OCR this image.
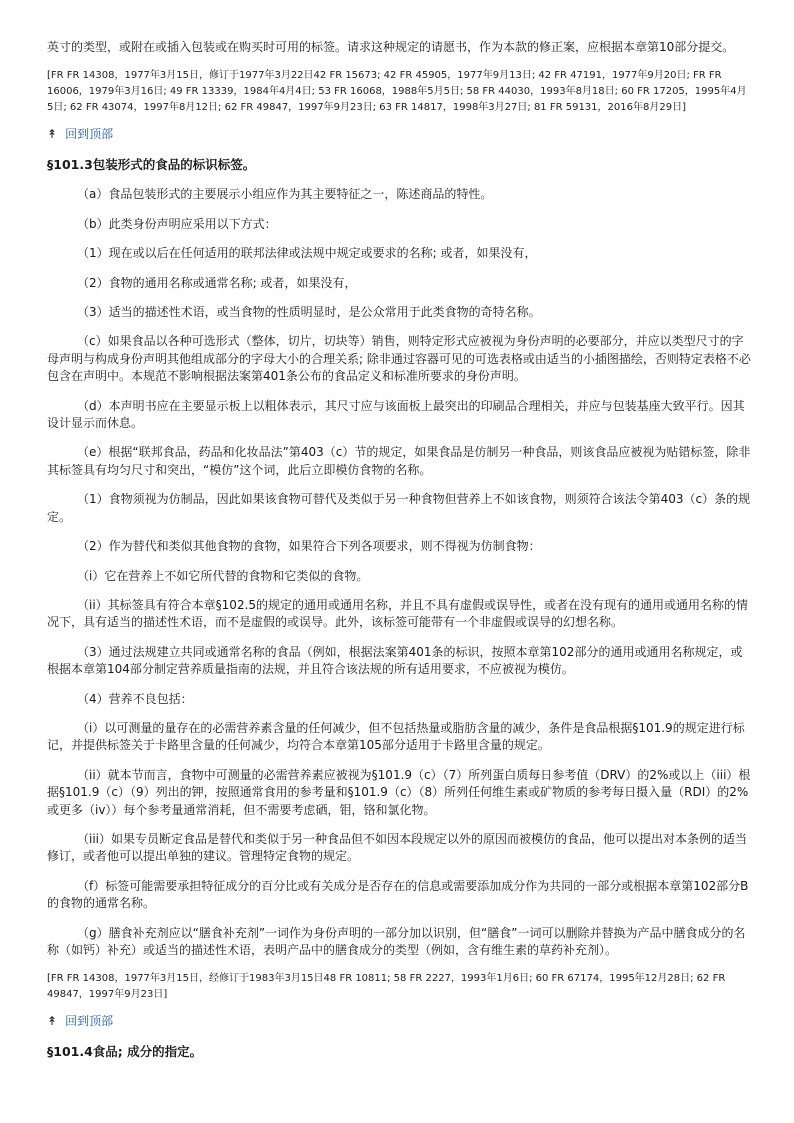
英寸的类型，或附在或插入包装或在购买时可用的标签。请求这种规定的请愿书，作为本款的修正案，应根据本章第10部分提交。

[FR FR 14308，1977年3月15日，修订于1977年3月22日42 FR 15673; 42 FR 45905，1977年9月13日; 42 FR 47191，1977年9月20日; FR FR 16006，1979年3月16日; 49 FR 13339，1984年4月4日; 53 FR 16068，1988年5月5日; 58 FR 44030，1993年8月18日; 60 FR 17205，1995年4月5日; 62 FR 43074，1997年8月12日; 62 FR 49847，1997年9月23日; 63 FR 14817，1998年3月27日; 81 FR 59131，2016年8月29日]

↟ 回到顶部
§101.3包装形式的食品的标识标签。

（a）食品包装形式的主要展示小组应作为其主要特征之一，陈述商品的特性。

（b）此类身份声明应采用以下方式：

（1）现在或以后在任何适用的联邦法律或法规中规定或要求的名称; 或者，如果没有，

（2）食物的通用名称或通常名称; 或者，如果没有，

（3）适当的描述性术语，或当食物的性质明显时，是公众常用于此类食物的奇特名称。

（c）如果食品以各种可选形式（整体，切片，切块等）销售，则特定形式应被视为身份声明的必要部分，并应以类型尺寸的字母声明与构成身份声明其他组成部分的字母大小的合理关系; 除非通过容器可见的可选表格或由适当的小插图描绘，否则特定表格不必包含在声明中。本规范不影响根据法案第401条公布的食品定义和标准所要求的身份声明。

（d）本声明书应在主要显示板上以粗体表示，其尺寸应与该面板上最突出的印刷品合理相关，并应与包装基座大致平行。因其设计显示而休息。

（e）根据“联邦食品，药品和化妆品法”第403（c）节的规定，如果食品是仿制另一种食品，则该食品应被视为贴错标签，除非其标签具有均匀尺寸和突出，“模仿”这个词，此后立即模仿食物的名称。

（1）食物须视为仿制品，因此如果该食物可替代及类似于另一种食物但营养上不如该食物，则须符合该法令第403（c）条的规定。

（2）作为替代和类似其他食物的食物，如果符合下列各项要求，则不得视为仿制食物：

（i）它在营养上不如它所代替的食物和它类似的食物。

（ii）其标签具有符合本章§102.5的规定的通用或通用名称，并且不具有虚假或误导性，或者在没有现有的通用或通用名称的情况下，具有适当的描述性术语，而不是虚假的或误导。此外，该标签可能带有一个非虚假或误导的幻想名称。

（3）通过法规建立共同或通常名称的食品（例如，根据法案第401条的标识，按照本章第102部分的通用或通用名称规定，或根据本章第104部分制定营养质量指南的法规，并且符合该法规的所有适用要求，不应被视为模仿。

（4）营养不良包括：

（i）以可测量的量存在的必需营养素含量的任何减少，但不包括热量或脂肪含量的减少，条件是食品根据§101.9的规定进行标记，并提供标签关于卡路里含量的任何减少，均符合本章第105部分适用于卡路里含量的规定。

（ii）就本节而言，食物中可测量的必需营养素应被视为§101.9（c）（7）所列蛋白质每日参考值（DRV）的2%或以上（iii）根据§101.9（c）（9）列出的钾，按照通常食用的参考量和§101.9（c）（8）所列任何维生素或矿物质的参考每日摄入量（RDI）的2%或更多（iv））每个参考量通常消耗，但不需要考虑硒，钼，铬和氯化物。

（iii）如果专员断定食品是替代和类似于另一种食品但不如因本段规定以外的原因而被模仿的食品，他可以提出对本条例的适当修订，或者他可以提出单独的建议。管理特定食物的规定。

（f）标签可能需要承担特征成分的百分比或有关成分是否存在的信息或需要添加成分作为共同的一部分或根据本章第102部分B的食物的通常名称。

（g）膳食补充剂应以“膳食补充剂”一词作为身份声明的一部分加以识别，但“膳食”一词可以删除并替换为产品中膳食成分的名称（如钙）补充）或适当的描述性术语，表明产品中的膳食成分的类型（例如，含有维生素的草药补充剂）。

[FR FR 14308，1977年3月15日，经修订于1983年3月15日48 FR 10811; 58 FR 2227，1993年1月6日; 60 FR 67174，1995年12月28日; 62 FR 49847，1997年9月23日]

↟ 回到顶部
§101.4食品; 成分的指定。
